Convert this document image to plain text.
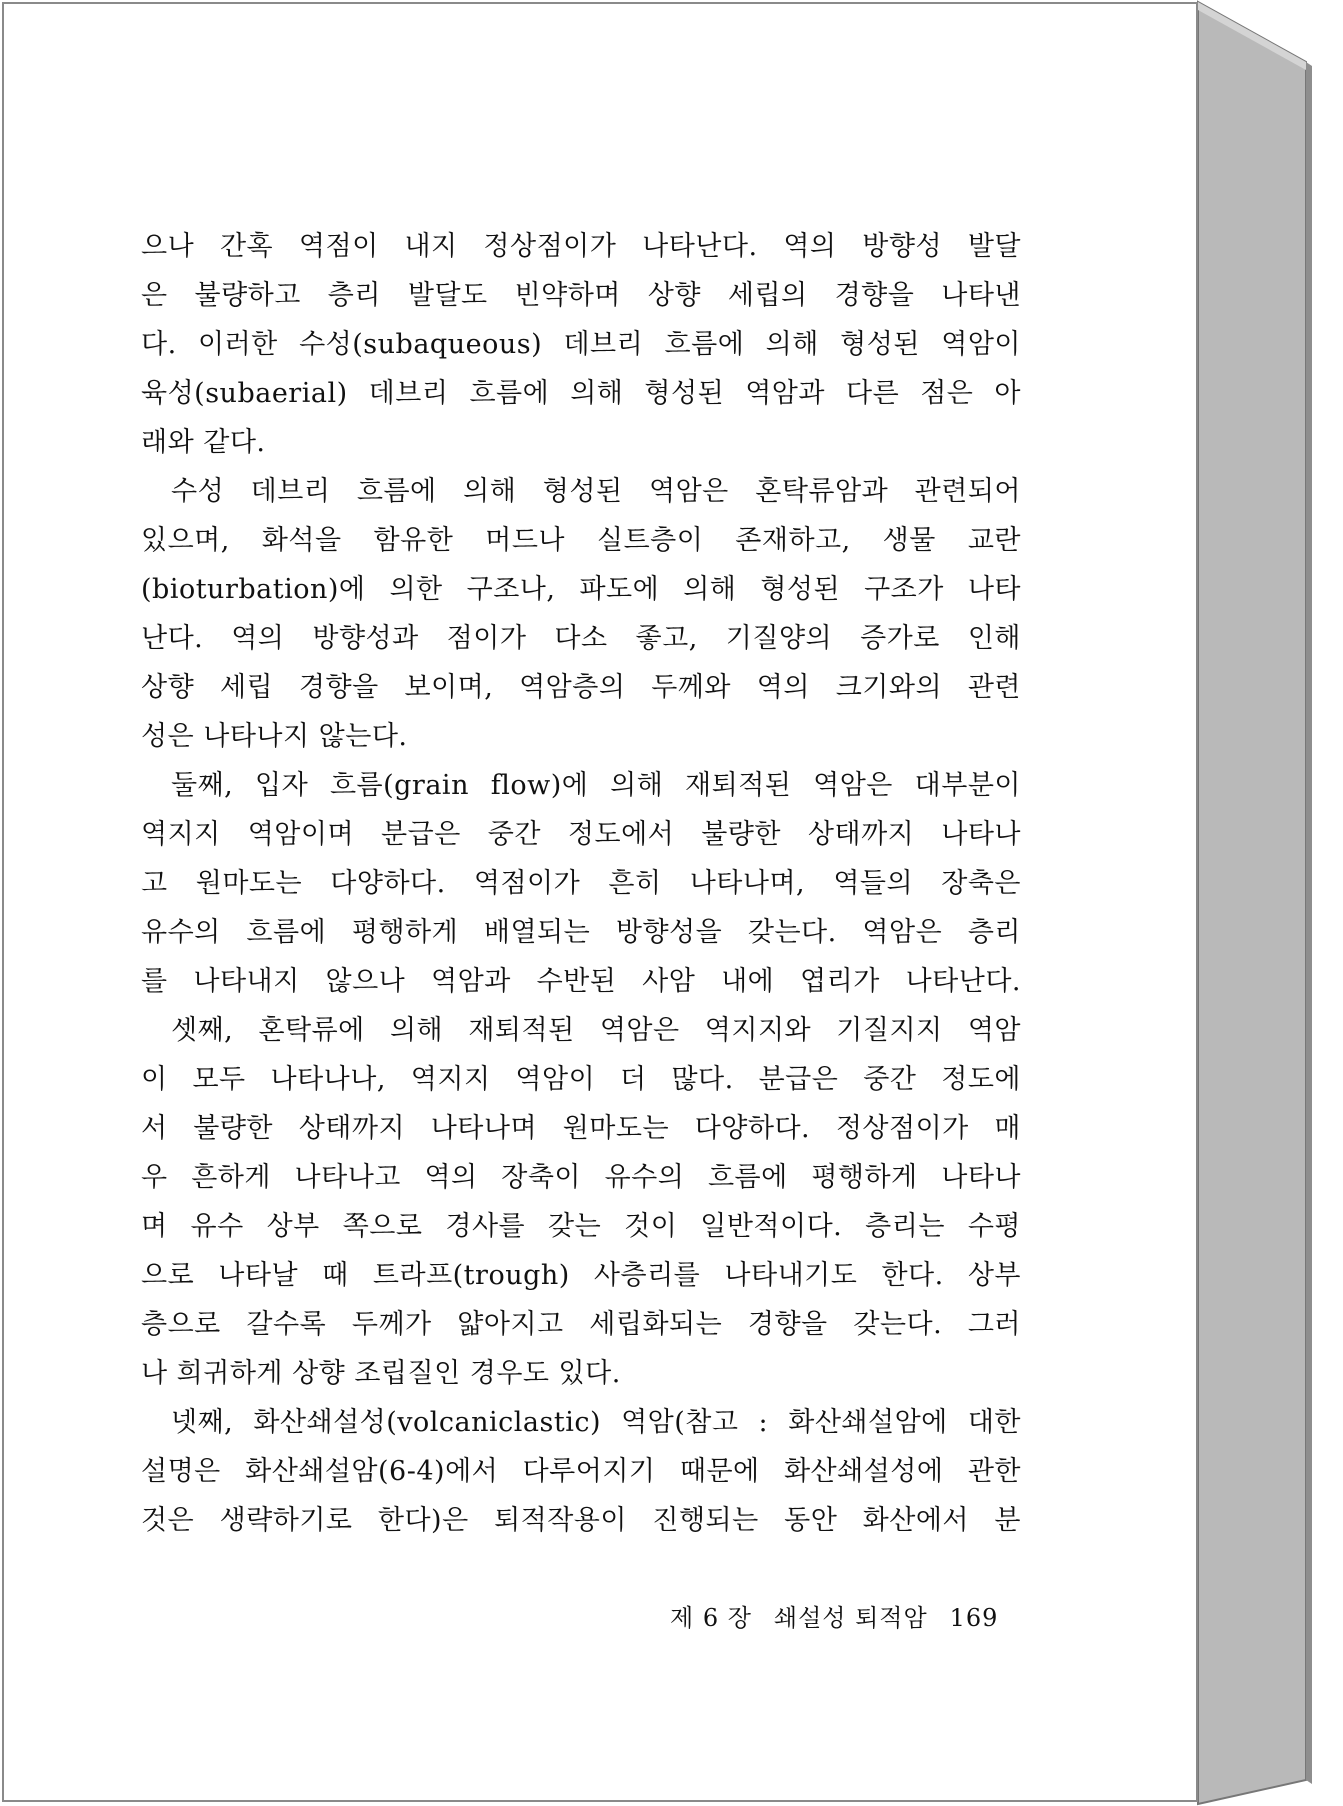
으나 간혹 역점이 내지 정상점이가 나타난다. 역의 방향성 발달
은 불량하고 층리 발달도 빈약하며 상향 세립의 경향을 나타낸
다. 이러한 수성(subaqueous) 데브리 흐름에 의해 형성된 역암이
육성(subaerial) 데브리 흐름에 의해 형성된 역암과 다른 점은 아
래와 같다.
수성 데브리 흐름에 의해 형성된 역암은 혼탁류암과 관련되어
있으며, 화석을 함유한 머드나 실트층이 존재하고, 생물 교란
(bioturbation)에 의한 구조나, 파도에 의해 형성된 구조가 나타
난다. 역의 방향성과 점이가 다소 좋고, 기질양의 증가로 인해
상향 세립 경향을 보이며, 역암층의 두께와 역의 크기와의 관련
성은 나타나지 않는다.
둘째, 입자 흐름(grain flow)에 의해 재퇴적된 역암은 대부분이
역지지 역암이며 분급은 중간 정도에서 불량한 상태까지 나타나
고 원마도는 다양하다. 역점이가 흔히 나타나며, 역들의 장축은
유수의 흐름에 평행하게 배열되는 방향성을 갖는다. 역암은 층리
를 나타내지 않으나 역암과 수반된 사암 내에 엽리가 나타난다.
셋째, 혼탁류에 의해 재퇴적된 역암은 역지지와 기질지지 역암
이 모두 나타나나, 역지지 역암이 더 많다. 분급은 중간 정도에
서 불량한 상태까지 나타나며 원마도는 다양하다. 정상점이가 매
우 흔하게 나타나고 역의 장축이 유수의 흐름에 평행하게 나타나
며 유수 상부 쪽으로 경사를 갖는 것이 일반적이다. 층리는 수평
으로 나타날 때 트라프(trough) 사층리를 나타내기도 한다. 상부
층으로 갈수록 두께가 얇아지고 세립화되는 경향을 갖는다. 그러
나 희귀하게 상향 조립질인 경우도 있다.
넷째, 화산쇄설성(volcaniclastic) 역암(참고 : 화산쇄설암에 대한
설명은 화산쇄설암(6-4)에서 다루어지기 때문에 화산쇄설성에 관한
것은 생략하기로 한다)은 퇴적작용이 진행되는 동안 화산에서 분
제 6 장 쇄설성 퇴적암 169
